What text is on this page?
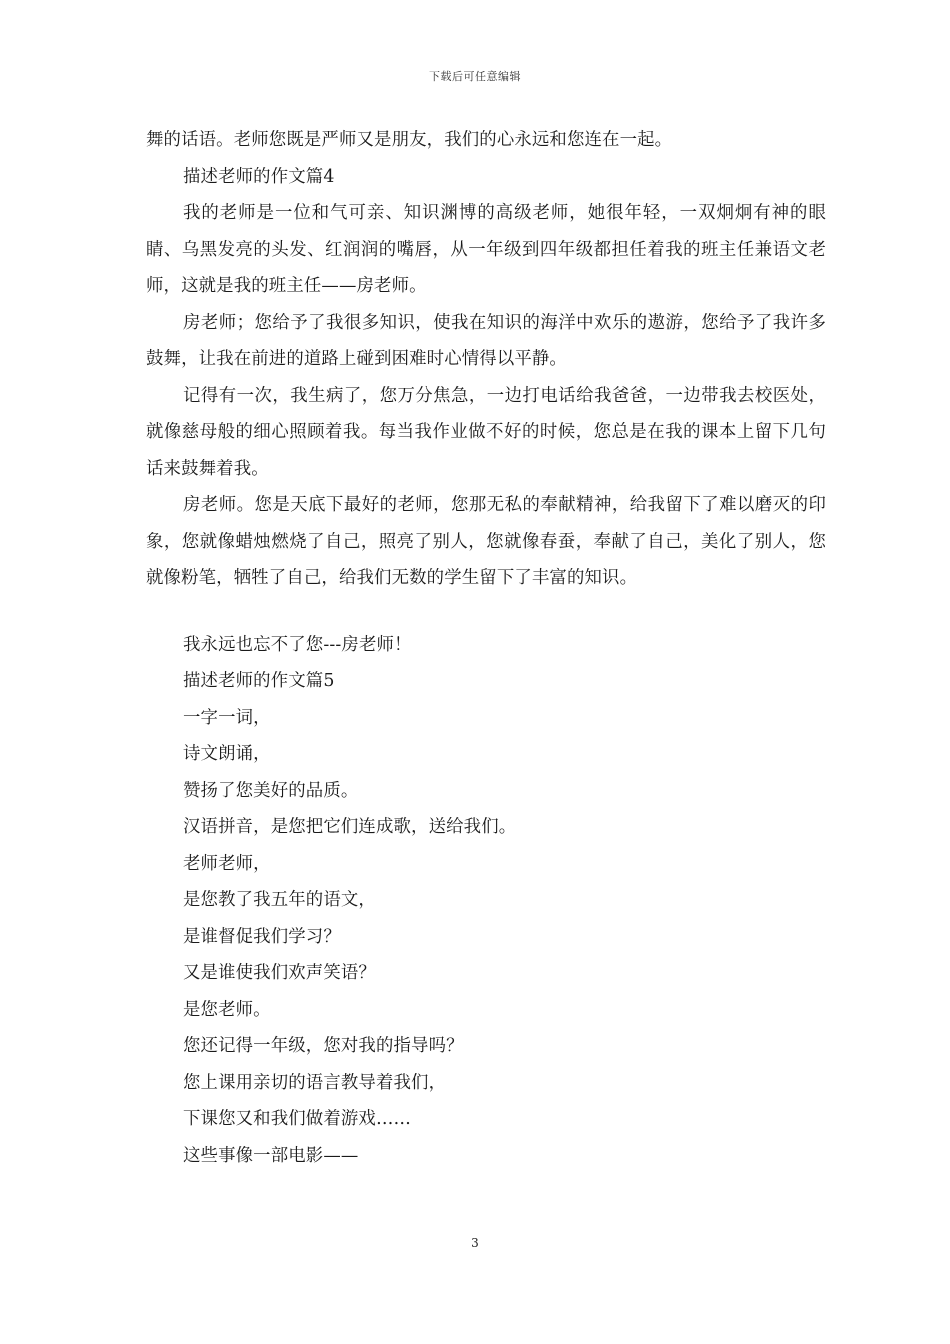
下载后可任意编辑

舞的话语。老师您既是严师又是朋友，我们的心永远和您连在一起。

描述老师的作文篇4

我的老师是一位和气可亲、知识渊博的高级老师，她很年轻，一双炯炯有神的眼睛、乌黑发亮的头发、红润润的嘴唇，从一年级到四年级都担任着我的班主任兼语文老师，这就是我的班主任——房老师。

房老师；您给予了我很多知识，使我在知识的海洋中欢乐的遨游，您给予了我许多鼓舞，让我在前进的道路上碰到困难时心情得以平静。

记得有一次，我生病了，您万分焦急，一边打电话给我爸爸，一边带我去校医处，就像慈母般的细心照顾着我。每当我作业做不好的时候，您总是在我的课本上留下几句话来鼓舞着我。

房老师。您是天底下最好的老师，您那无私的奉献精神，给我留下了难以磨灭的印象，您就像蜡烛燃烧了自己，照亮了别人，您就像春蚕，奉献了自己，美化了别人，您就像粉笔，牺牲了自己，给我们无数的学生留下了丰富的知识。

我永远也忘不了您---房老师！

描述老师的作文篇5

一字一词，

诗文朗诵，

赞扬了您美好的品质。

汉语拼音，是您把它们连成歌，送给我们。

老师老师，

是您教了我五年的语文，

是谁督促我们学习？

又是谁使我们欢声笑语？

是您老师。

您还记得一年级，您对我的指导吗？

您上课用亲切的语言教导着我们，

下课您又和我们做着游戏……

这些事像一部电影——

3
